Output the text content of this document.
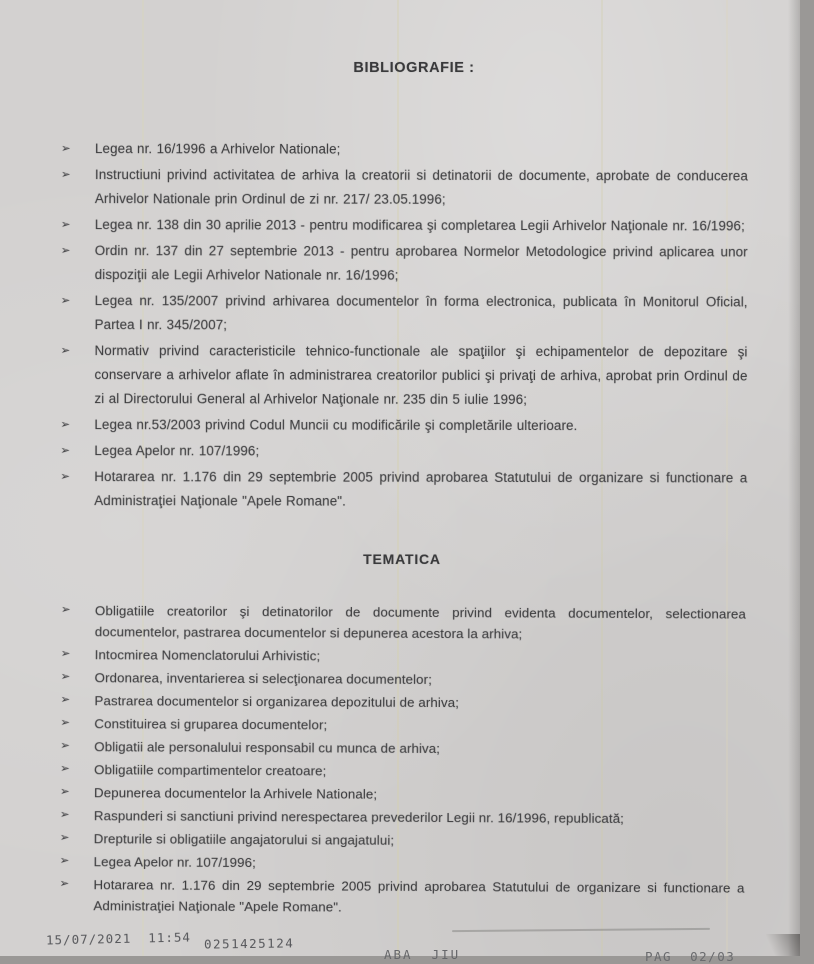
BIBLIOGRAFIE :
➢	Legea nr. 16/1996 a Arhivelor Nationale;
➢	Instructiuni privind activitatea de arhiva la creatorii si detinatorii de documente, aprobate de conducerea Arhivelor Nationale prin Ordinul de zi nr. 217/ 23.05.1996;
➢	Legea nr. 138 din 30 aprilie 2013 - pentru modificarea şi completarea Legii Arhivelor Naţionale nr. 16/1996;
➢	Ordin nr. 137 din 27 septembrie 2013 - pentru aprobarea Normelor Metodologice privind aplicarea unor dispoziţii ale Legii Arhivelor Nationale nr. 16/1996;
➢	Legea nr. 135/2007 privind arhivarea documentelor în forma electronica, publicata în Monitorul Oficial, Partea I nr. 345/2007;
➢	Normativ privind caracteristicile tehnico-functionale ale spaţiilor şi echipamentelor de depozitare şi conservare a arhivelor aflate în administrarea creatorilor publici şi privaţi de arhiva, aprobat prin Ordinul de zi al Directorului General al Arhivelor Naţionale nr. 235 din 5 iulie 1996;
➢	Legea nr.53/2003 privind Codul Muncii cu modificările şi completările ulterioare.
➢	Legea Apelor nr. 107/1996;
➢	Hotararea nr. 1.176 din 29 septembrie 2005 privind aprobarea Statutului de organizare si functionare a Administraţiei Naţionale "Apele Romane".
TEMATICA
➢	Obligatiile creatorilor şi detinatorilor de documente privind evidenta documentelor, selectionarea documentelor, pastrarea documentelor si depunerea acestora la arhiva;
➢	Intocmirea Nomenclatorului Arhivistic;
➢	Ordonarea, inventarierea si selecţionarea documentelor;
➢	Pastrarea documentelor si organizarea depozitului de arhiva;
➢	Constituirea si gruparea documentelor;
➢	Obligatii ale personalului responsabil cu munca de arhiva;
➢	Obligatiile compartimentelor creatoare;
➢	Depunerea documentelor la Arhivele Nationale;
➢	Raspunderi si sanctiuni privind nerespectarea prevederilor Legii nr. 16/1996, republicată;
➢	Drepturile si obligatiile angajatorului si angajatului;
➢	Legea Apelor nr. 107/1996;
➢	Hotararea nr. 1.176 din 29 septembrie 2005 privind aprobarea Statutului de organizare si functionare a Administraţiei Naţionale "Apele Romane".
15/07/2021  11:54 0251425124
ABA  JIU	PAG  02/03
